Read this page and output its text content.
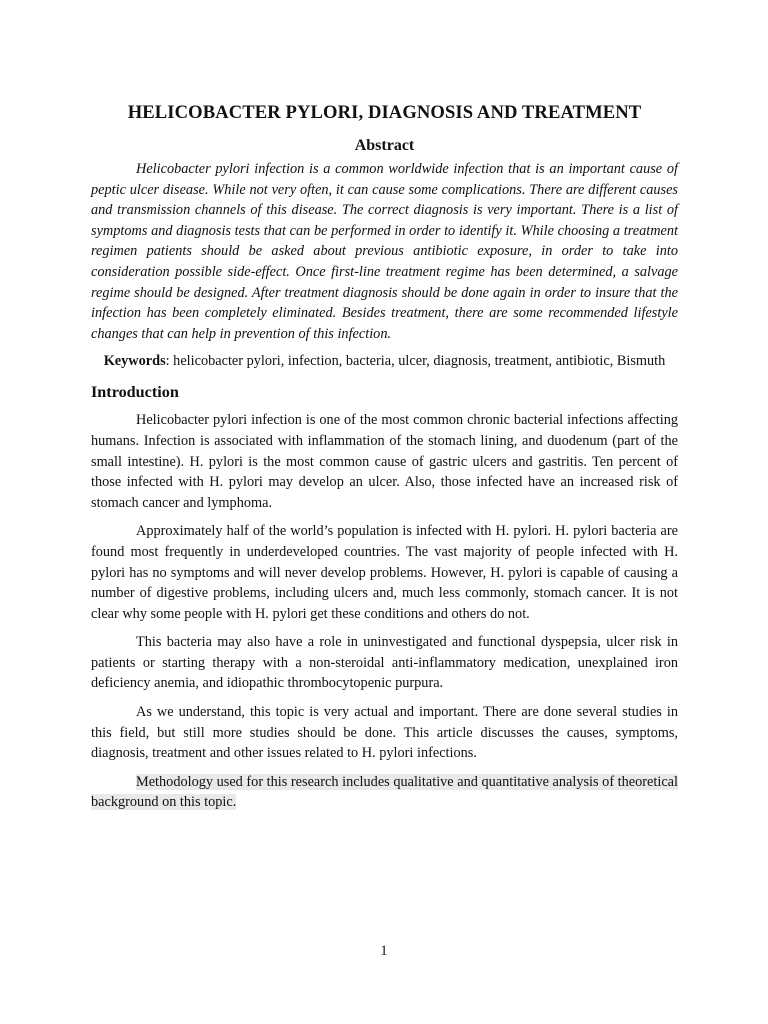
HELICOBACTER PYLORI, DIAGNOSIS AND TREATMENT
Abstract

Helicobacter pylori infection is a common worldwide infection that is an important cause of peptic ulcer disease. While not very often, it can cause some complications. There are different causes and transmission channels of this disease. The correct diagnosis is very important. There is a list of symptoms and diagnosis tests that can be performed in order to identify it. While choosing a treatment regimen patients should be asked about previous antibiotic exposure, in order to take into consideration possible side-effect. Once first-line treatment regime has been determined, a salvage regime should be designed. After treatment diagnosis should be done again in order to insure that the infection has been completely eliminated. Besides treatment, there are some recommended lifestyle changes that can help in prevention of this infection.

Keywords: helicobacter pylori, infection, bacteria, ulcer, diagnosis, treatment, antibiotic, Bismuth

Introduction

Helicobacter pylori infection is one of the most common chronic bacterial infections affecting humans. Infection is associated with inflammation of the stomach lining, and duodenum (part of the small intestine). H. pylori is the most common cause of gastric ulcers and gastritis. Ten percent of those infected with H. pylori may develop an ulcer. Also, those infected have an increased risk of stomach cancer and lymphoma.

Approximately half of the world’s population is infected with H. pylori. H. pylori bacteria are found most frequently in underdeveloped countries. The vast majority of people infected with H. pylori has no symptoms and will never develop problems. However, H. pylori is capable of causing a number of digestive problems, including ulcers and, much less commonly, stomach cancer. It is not clear why some people with H. pylori get these conditions and others do not.

This bacteria may also have a role in uninvestigated and functional dyspepsia, ulcer risk in patients or starting therapy with a non-steroidal anti-inflammatory medication, unexplained iron deficiency anemia, and idiopathic thrombocytopenic purpura.

As we understand, this topic is very actual and important. There are done several studies in this field, but still more studies should be done. This article discusses the causes, symptoms, diagnosis, treatment and other issues related to H. pylori infections.

Methodology used for this research includes qualitative and quantitative analysis of theoretical background on this topic.

1
